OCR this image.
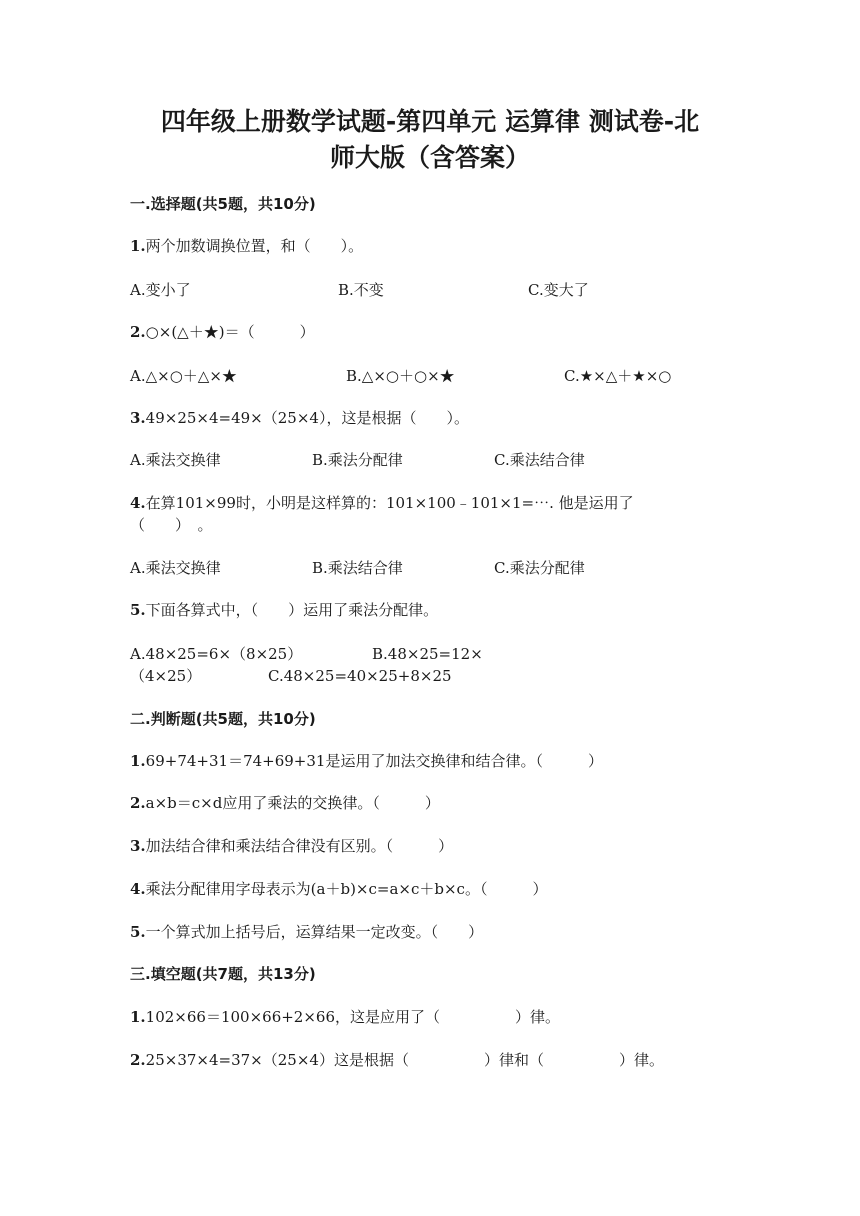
四年级上册数学试题-第四单元 运算律 测试卷-北
师大版（含答案）
一.选择题(共5题，共10分)
1.两个加数调换位置，和（　　）。
A.变小了	B.不变	C.变大了
2.○×(△＋★)＝（　　　）
A.△×○＋△×★	B.△×○＋○×★	C.★×△＋★×○
3.49×25×4=49×（25×4），这是根据（　　）。
A.乘法交换律	B.乘法分配律	C.乘法结合律
4.在算101×99时，小明是这样算的：101×100﹣101×1=⋯. 他是运用了
（　　）　。
A.乘法交换律	B.乘法结合律	C.乘法分配律
5.下面各算式中，（　　）运用了乘法分配律。
A.48×25=6×（8×25）	B.48×25=12×
（4×25）	C.48×25=40×25+8×25
二.判断题(共5题，共10分)
1.69+74+31＝74+69+31是运用了加法交换律和结合律。（　　　）
2.a×b＝c×d应用了乘法的交换律。（　　　）
3.加法结合律和乘法结合律没有区别。（　　　）
4.乘法分配律用字母表示为(a＋b)×c=a×c＋b×c。（　　　）
5.一个算式加上括号后，运算结果一定改变。（　　）
三.填空题(共7题，共13分)
1.102×66＝100×66+2×66，这是应用了（　　　　　）律。
2.25×37×4=37×（25×4）这是根据（　　　　　）律和（　　　　　）律。
